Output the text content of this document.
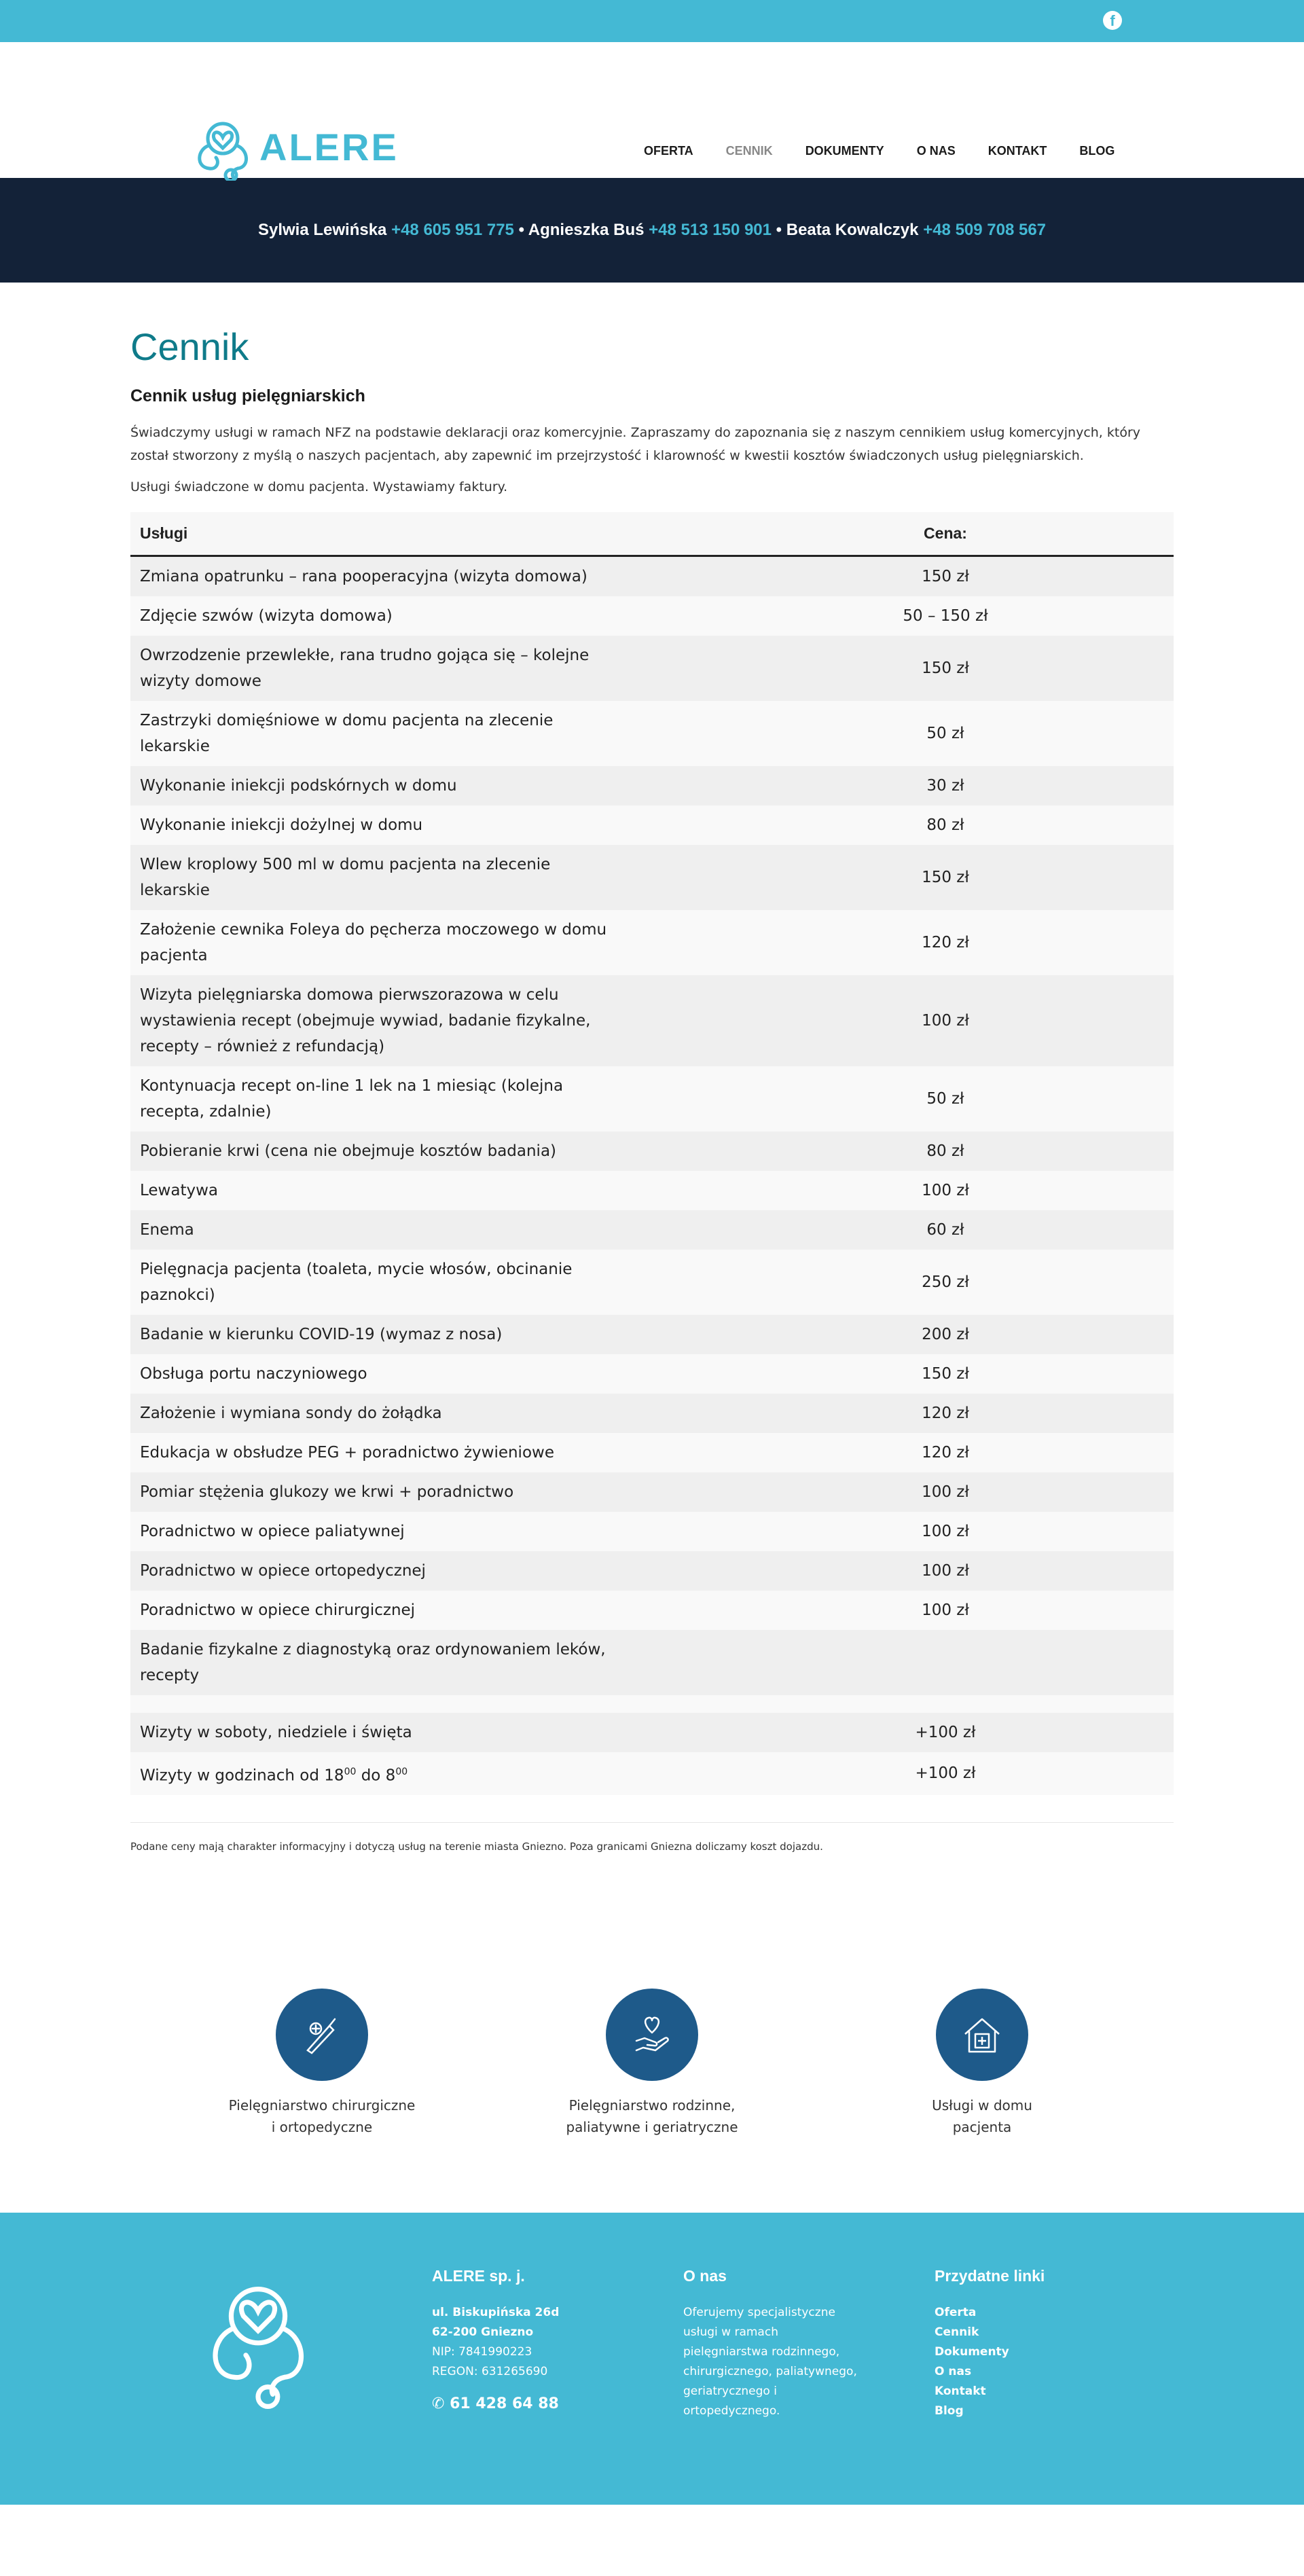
f
ALERE	OFERTA	CENNIK	DOKUMENTY	O NAS	KONTAKT	BLOG

Sylwia Lewińska +48 605 951 775 • Agnieszka Buś +48 513 150 901 • Beata Kowalczyk +48 509 708 567

Cennik
Cennik usług pielęgniarskich

Świadczymy usługi w ramach NFZ na podstawie deklaracji oraz komercyjnie. Zapraszamy do zapoznania się z naszym cennikiem usług komercyjnych, który został stworzony z myślą o naszych pacjentach, aby zapewnić im przejrzystość i klarowność w kwestii kosztów świadczonych usług pielęgniarskich.

Usługi świadczone w domu pacjenta. Wystawiamy faktury.

Usługi		Cena:	
Zmiana opatrunku – rana pooperacyjna (wizyta domowa)		150 zł	
Zdjęcie szwów (wizyta domowa)		50 – 150 zł	
Owrzodzenie przewlekłe, rana trudno gojąca się – kolejne wizyty domowe		150 zł	
Zastrzyki domięśniowe w domu pacjenta na zlecenie lekarskie		50 zł	
Wykonanie iniekcji podskórnych w domu		30 zł	
Wykonanie iniekcji dożylnej w domu		80 zł	
Wlew kroplowy 500 ml w domu pacjenta na zlecenie lekarskie		150 zł	
Założenie cewnika Foleya do pęcherza moczowego w domu pacjenta		120 zł	
Wizyta pielęgniarska domowa pierwszorazowa w celu wystawienia recept (obejmuje wywiad, badanie fizykalne, recepty – również z refundacją)		100 zł	
Kontynuacja recept on-line 1 lek na 1 miesiąc (kolejna recepta, zdalnie)		50 zł	
Pobieranie krwi (cena nie obejmuje kosztów badania)		80 zł	
Lewatywa		100 zł	
Enema		60 zł	
Pielęgnacja pacjenta (toaleta, mycie włosów, obcinanie paznokci)		250 zł	
Badanie w kierunku COVID-19 (wymaz z nosa)		200 zł	
Obsługa portu naczyniowego		150 zł	
Założenie i wymiana sondy do żołądka		120 zł	
Edukacja w obsłudze PEG + poradnictwo żywieniowe		120 zł	
Pomiar stężenia glukozy we krwi + poradnictwo		100 zł	
Poradnictwo w opiece paliatywnej		100 zł	
Poradnictwo w opiece ortopedycznej		100 zł	
Poradnictwo w opiece chirurgicznej		100 zł	
Badanie fizykalne z diagnostyką oraz ordynowaniem leków, recepty			

Wizyty w soboty, niedziele i święta		+100 zł	
Wizyty w godzinach od $18^{00}$ do $8^{00}$		+100 zł	

Podane ceny mają charakter informacyjny i dotyczą usług na terenie miasta Gniezno. Poza granicami Gniezna doliczamy koszt dojazdu.

Pielęgniarstwo chirurgiczne
i ortopedyczne

Pielęgniarstwo rodzinne,
paliatywne i geriatryczne

Usługi w domu
pacjenta

ALERE sp. j.

ul. Biskupińska 26d

62-200 Gniezno

NIP: 7841990223

REGON: 631265690

✆ 61 428 64 88

O nas

Oferujemy specjalistyczne

usługi w ramach

pielęgniarstwa rodzinnego,

chirurgicznego, paliatywnego,

geriatrycznego i

ortopedycznego.

Przydatne linki
Oferta
Cennik
Dokumenty
O nas
Kontakt
Blog
